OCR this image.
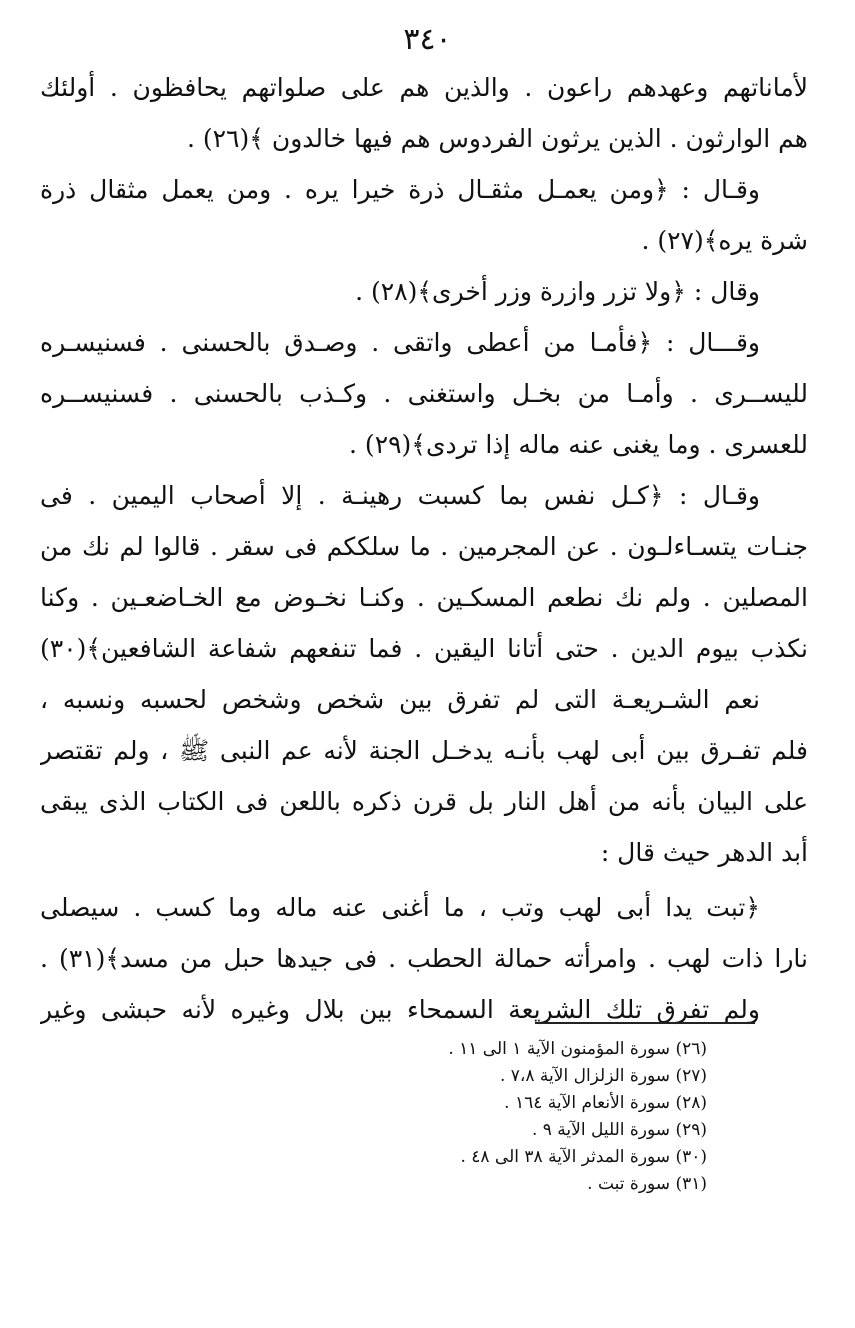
٣٤٠
لأماناتهم وعهدهم راعون . والذين هم على صلواتهم يحافظون . أولئك
هم الوارثون . الذين يرثون الفردوس هم فيها خالدون ﴾(٢٦) .
وقـال : ﴿ومن يعمـل مثقـال ذرة خيرا يره . ومن يعمل مثقال ذرة
شرة يره﴾(٢٧) .
وقال : ﴿ولا تزر وازرة وزر أخرى﴾(٢٨) .
وقـــال : ﴿فأمـا من أعطى واتقى . وصـدق بالحسنى . فسنيسـره
لليســرى . وأمـا من بخـل واستغنى . وكـذب بالحسنى . فسنيســره
للعسرى . وما يغنى عنه ماله إذا تردى﴾(٢٩) .
وقـال : ﴿كـل نفس بما كسبت رهينـة . إلا أصحاب اليمين . فى
جنـات يتسـاءلـون . عن المجرمين . ما سلككم فى سقر . قالوا لم نك من
المصلين . ولم نك نطعم المسكـين . وكنـا نخـوض مع الخـاضعـين . وكنا
نكذب بيوم الدين . حتى أتانا اليقين . فما تنفعهم شفاعة الشافعين﴾(٣٠)
نعم الشـريعـة التى لم تفرق بين شخص وشخص لحسبه ونسبه ،
فلم تفـرق بين أبى لهب بأنـه يدخـل الجنة لأنه عم النبى ﷺ ، ولم تقتصر
على البيان بأنه من أهل النار بل قرن ذكره باللعن فى الكتاب الذى يبقى
أبد الدهر حيث قال :
﴿تبت يدا أبى لهب وتب ، ما أغنى عنه ماله وما كسب . سيصلى
نارا ذات لهب . وامرأته حمالة الحطب . فى جيدها حبل من مسد﴾(٣١) .
ولم تفرق تلك الشريعة السمحاء بين بلال وغيره لأنه حبشى وغير
(٢٦) سورة المؤمنون الآية ١ الى ١١ .
(٢٧) سورة الزلزال الآية ٧،٨ .
(٢٨) سورة الأنعام الآية ١٦٤ .
(٢٩) سورة الليل الآية ٩ .
(٣٠) سورة المدثر الآية ٣٨ الى ٤٨ .
(٣١) سورة تبت .
